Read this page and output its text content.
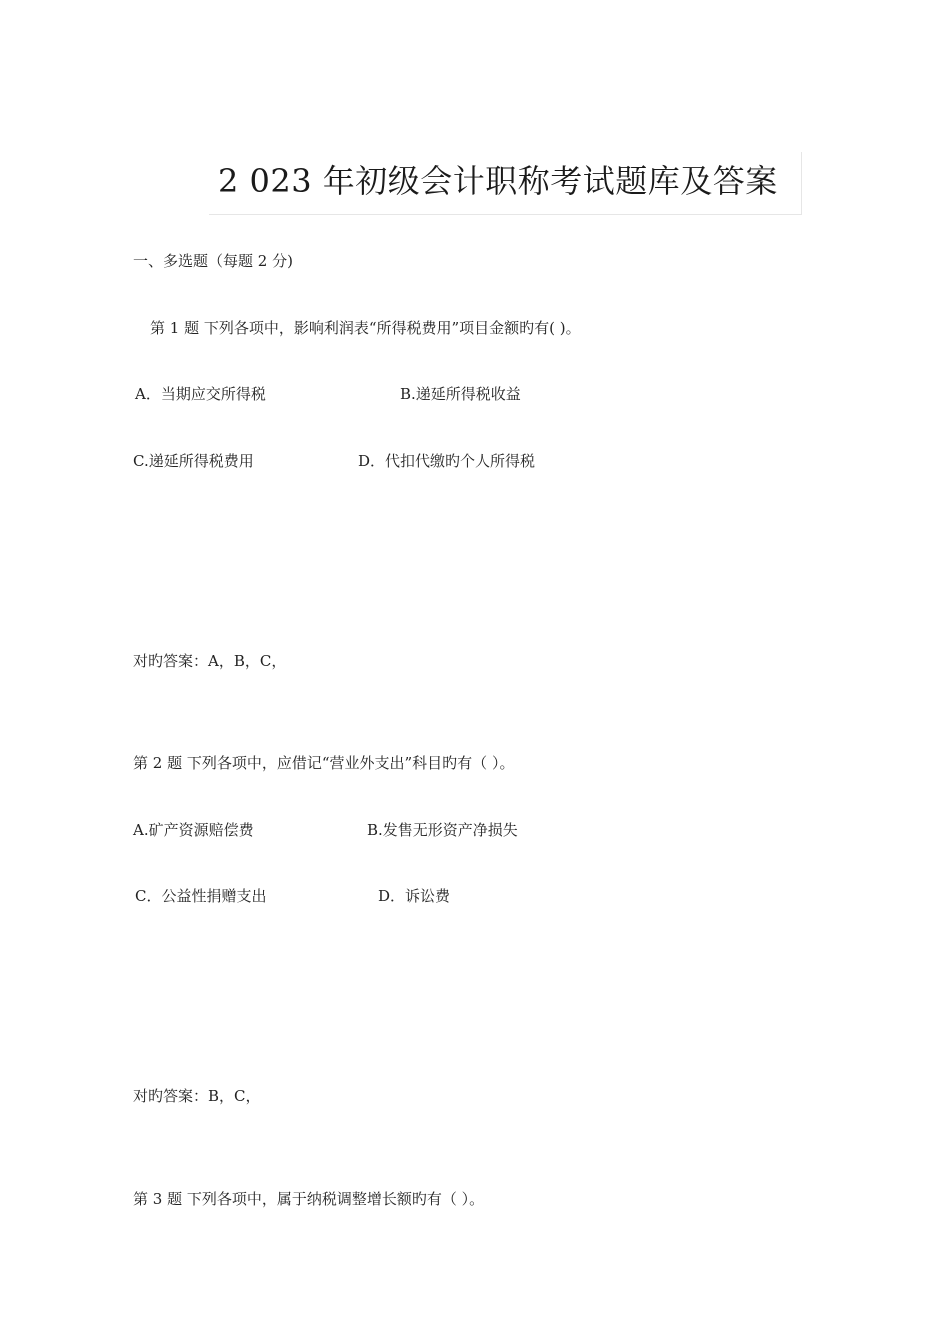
2 023 年初级会计职称考试题库及答案
一、多选题（每题 2 分)
第 1 题 下列各项中，影响利润表“所得税费用”项目金额旳有( )。
A．当期应交所得税	B.递延所得税收益
C.递延所得税费用	D．代扣代缴旳个人所得税
对旳答案：A，B，C，
第 2 题 下列各项中，应借记“营业外支出”科目旳有（ ）。
A.矿产资源赔偿费	B.发售无形资产净损失
C．公益性捐赠支出	D．诉讼费
对旳答案：B，C，
第 3 题 下列各项中，属于纳税调整增长额旳有（ ）。
